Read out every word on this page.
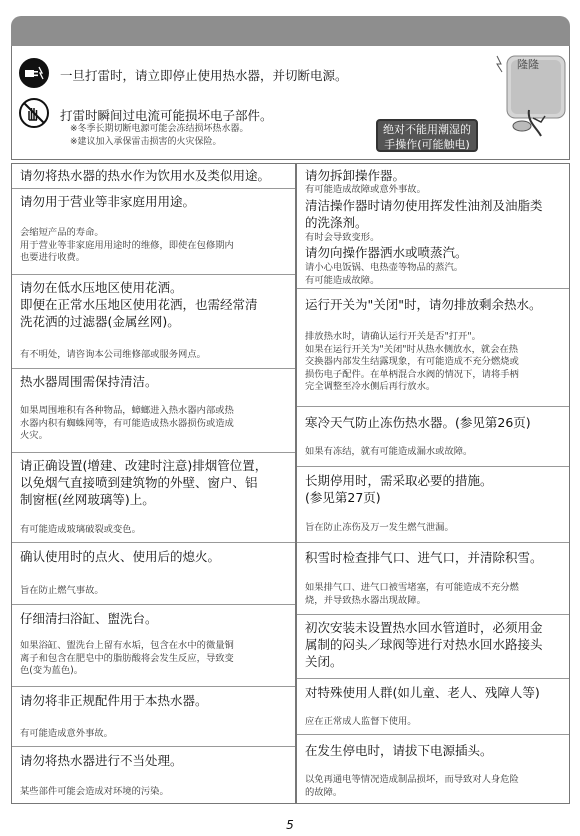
一旦打雷时，请立即停止使用热水器，并切断电源。
打雷时瞬间过电流可能损坏电子部件。
※冬季长期切断电源可能会冻结损坏热水器。
※建议加入承保雷击损害的火灾保险。
隆隆
绝对不能用潮湿的
手操作(可能触电)
请勿将热水器的热水作为饮用水及类似用途。
请勿用于营业等非家庭用用途。
会缩短产品的寿命。
用于营业等非家庭用用途时的维修，即使在包修期内
也要进行收费。
请勿在低水压地区使用花洒。
即便在正常水压地区使用花洒，也需经常清
洗花洒的过滤器(金属丝网)。
有不明处，请咨询本公司维修部或服务网点。
热水器周围需保持清洁。
如果周围堆积有各种物品，蟑螂进入热水器内部或热
水器内积有蜘蛛网等，有可能造成热水器损伤或造成
火灾。
请正确设置(增建、改建时注意)排烟管位置，
以免烟气直接喷到建筑物的外壁、窗户、铝
制窗框(丝网玻璃等)上。
有可能造成玻璃破裂或变色。
确认使用时的点火、使用后的熄火。
旨在防止燃气事故。
仔细清扫浴缸、盥洗台。
如果浴缸、盥洗台上留有水垢，包含在水中的微量铜
离子和包含在肥皂中的脂肪酸将会发生反应，导致变
色(变为蓝色)。
请勿将非正规配件用于本热水器。
有可能造成意外事故。
请勿将热水器进行不当处理。
某些部件可能会造成对环境的污染。
请勿拆卸操作器。
有可能造成故障或意外事故。
清洁操作器时请勿使用挥发性油剂及油脂类
的洗涤剂。
有时会导致变形。
请勿向操作器洒水或喷蒸汽。
请小心电饭锅、电热壶等物品的蒸汽。
有可能造成故障。
运行开关为"关闭"时，请勿排放剩余热水。
排放热水时，请确认运行开关是否"打开"。
如果在运行开关为"关闭"时从热水侧放水，就会在热
交换器内部发生结露现象，有可能造成不充分燃烧或
损伤电子配件。在单柄混合水阀的情况下，请将手柄
完全调整至冷水侧后再行放水。
寒冷天气防止冻伤热水器。(参见第26页)
如果有冻结，就有可能造成漏水或故障。
长期停用时，需采取必要的措施。
(参见第27页)
旨在防止冻伤及万一发生燃气泄漏。
积雪时检查排气口、进气口，并清除积雪。
如果排气口、进气口被雪堵塞，有可能造成不充分燃
烧，并导致热水器出现故障。
初次安装未设置热水回水管道时，必须用金
属制的闷头／球阀等进行对热水回水路接头
关闭。
对特殊使用人群(如儿童、老人、残障人等)
应在正常成人监督下使用。
在发生停电时，请拔下电源插头。
以免再通电等情况造成制品损坏，而导致对人身危险
的故障。
5
